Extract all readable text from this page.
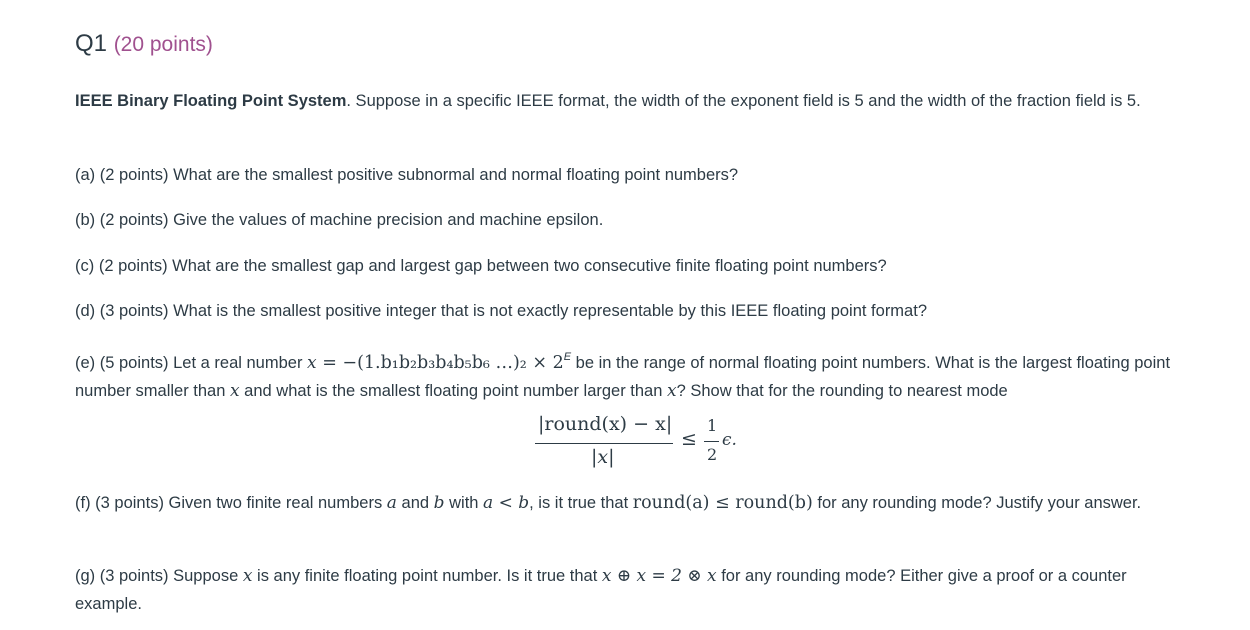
Q1 (20 points)
IEEE Binary Floating Point System. Suppose in a specific IEEE format, the width of the exponent field is 5 and the width of the fraction field is 5.
(a) (2 points) What are the smallest positive subnormal and normal floating point numbers?
(b) (2 points) Give the values of machine precision and machine epsilon.
(c) (2 points) What are the smallest gap and largest gap between two consecutive finite floating point numbers?
(d) (3 points) What is the smallest positive integer that is not exactly representable by this IEEE floating point format?
(e) (5 points) Let a real number x = −(1.b₁b₂b₃b₄b₅b₆ …)₂ × $2^E$ be in the range of normal floating point numbers. What is the largest floating point number smaller than x and what is the smallest floating point number larger than x? Show that for the rounding to nearest mode
|round(x) − x|
|x|
≤
1
2
ϵ.
(f) (3 points) Given two finite real numbers a and b with a < b, is it true that round(a) ≤ round(b) for any rounding mode? Justify your answer.
(g) (3 points) Suppose x is any finite floating point number. Is it true that x ⊕ x = 2 ⊗ x for any rounding mode? Either give a proof or a counter example.
